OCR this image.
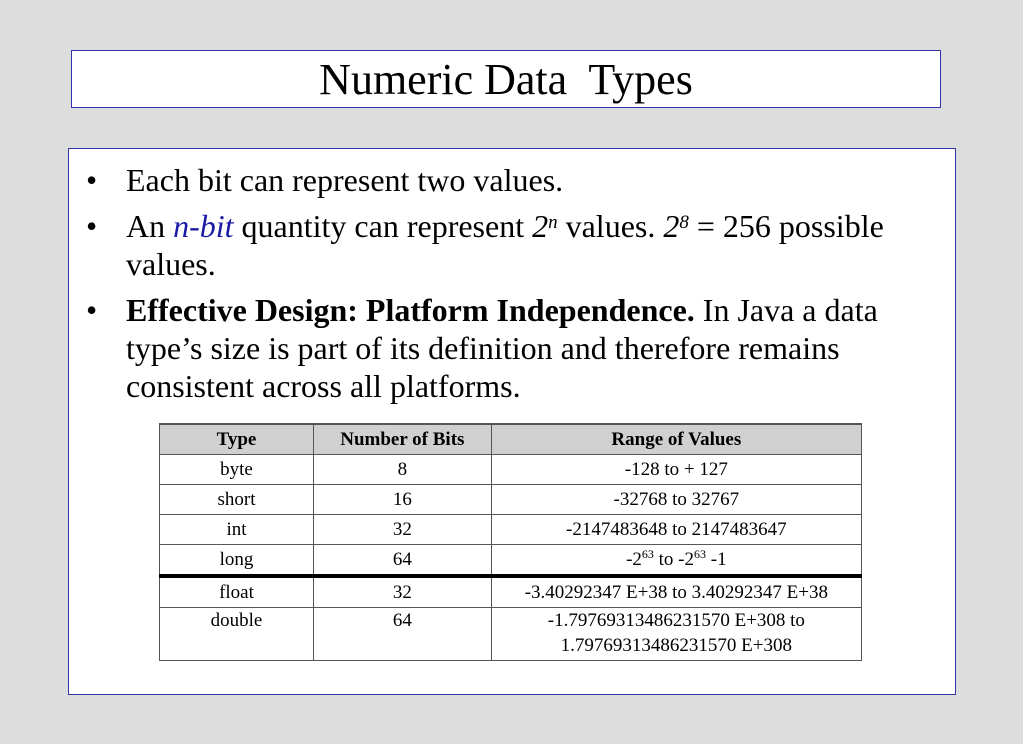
Numeric Data  Types
• Each bit can represent two values.
• An n-bit quantity can represent 2$^n$ values. $2^8 = 256$ possible values.
• Effective Design: Platform Independence. In Java a data type’s size is part of its definition and therefore remains consistent across all platforms.
Type	Number of Bits	Range of Values
byte	8	-128 to + 127
short	16	-32768 to 32767
int	32	-2147483648 to 2147483647
long	64	$-2^{63}$ to $-2^{63}$ -1
float	32	-3.40292347 E+38 to 3.40292347 E+38
double	64	-1.79769313486231570 E+308 to
1.79769313486231570 E+308
